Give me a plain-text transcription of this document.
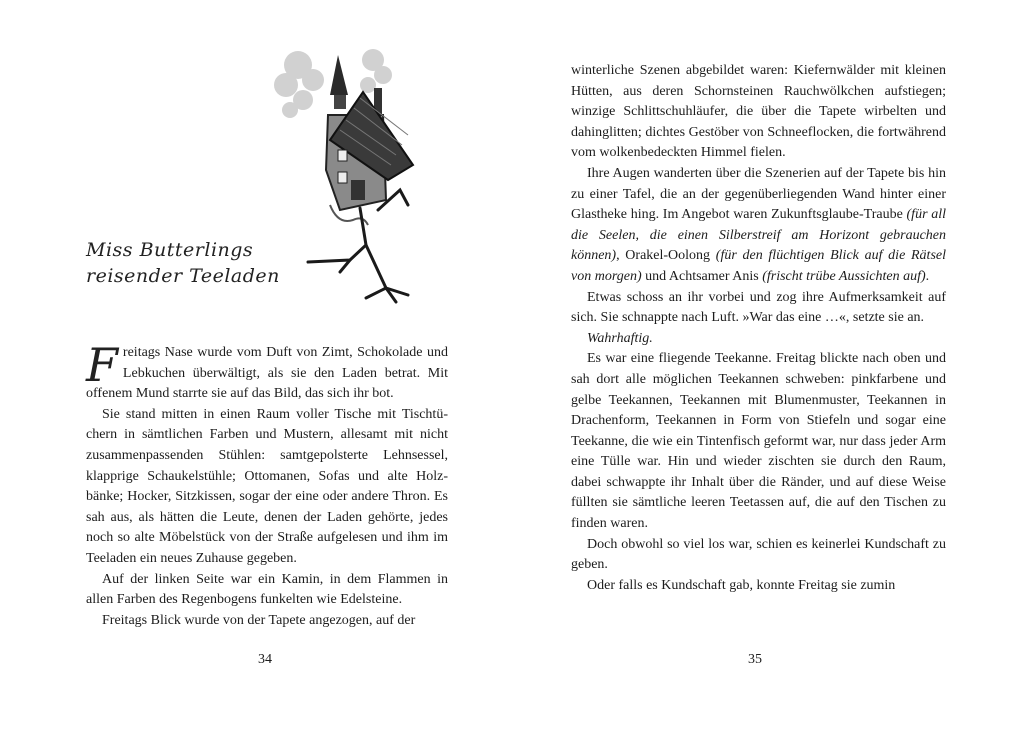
Miss Butterlings
reisender Teeladen

Freitags Nase wurde vom Duft von Zimt, Schokolade und Lebkuchen überwältigt, als sie den Laden betrat. Mit offenem Mund starrte sie auf das Bild, das sich ihr bot.

Sie stand mitten in einen Raum voller Tische mit Tischtüchern in sämtlichen Farben und Mustern, allesamt mit nicht zusammenpassenden Stühlen: samtgepolsterte Lehnsessel, klapprige Schaukelstühle; Ottomanen, Sofas und alte Holzbänke; Hocker, Sitzkissen, sogar der eine oder andere Thron. Es sah aus, als hätten die Leute, denen der Laden gehörte, jedes noch so alte Möbelstück von der Straße aufgelesen und ihm im Teeladen ein neues Zuhause gegeben.

Auf der linken Seite war ein Kamin, in dem Flammen in allen Farben des Regenbogens funkelten wie Edelsteine.

Freitags Blick wurde von der Tapete angezogen, auf der

34

winterliche Szenen abgebildet waren: Kiefernwälder mit kleinen Hütten, aus deren Schornsteinen Rauchwölkchen aufstiegen; winzige Schlittschuhläufer, die über die Tapete wirbelten und dahinglitten; dichtes Gestöber von Schneeflocken, die fortwährend vom wolkenbedeckten Himmel fielen.

Ihre Augen wanderten über die Szenerien auf der Tapete bis hin zu einer Tafel, die an der gegenüberliegenden Wand hinter einer Glastheke hing. Im Angebot waren Zukunftsglaube-Traube (für all die Seelen, die einen Silberstreif am Horizont gebrauchen können), Orakel-Oolong (für den flüchtigen Blick auf die Rätsel von morgen) und Achtsamer Anis (frischt trübe Aussichten auf).

Etwas schoss an ihr vorbei und zog ihre Aufmerksamkeit auf sich. Sie schnappte nach Luft. »War das eine …«, setzte sie an.

Wahrhaftig.

Es war eine fliegende Teekanne. Freitag blickte nach oben und sah dort alle möglichen Teekannen schweben: pinkfarbene und gelbe Teekannen, Teekannen mit Blumenmuster, Teekannen in Drachenform, Teekannen in Form von Stiefeln und sogar eine Teekanne, die wie ein Tintenfisch geformt war, nur dass jeder Arm eine Tülle war. Hin und wieder zischten sie durch den Raum, dabei schwappte ihr Inhalt über die Ränder, und auf diese Weise füllten sie sämtliche leeren Teetassen auf, die auf den Tischen zu finden waren.

Doch obwohl so viel los war, schien es keinerlei Kundschaft zu geben.

Oder falls es Kundschaft gab, konnte Freitag sie zumin

35
